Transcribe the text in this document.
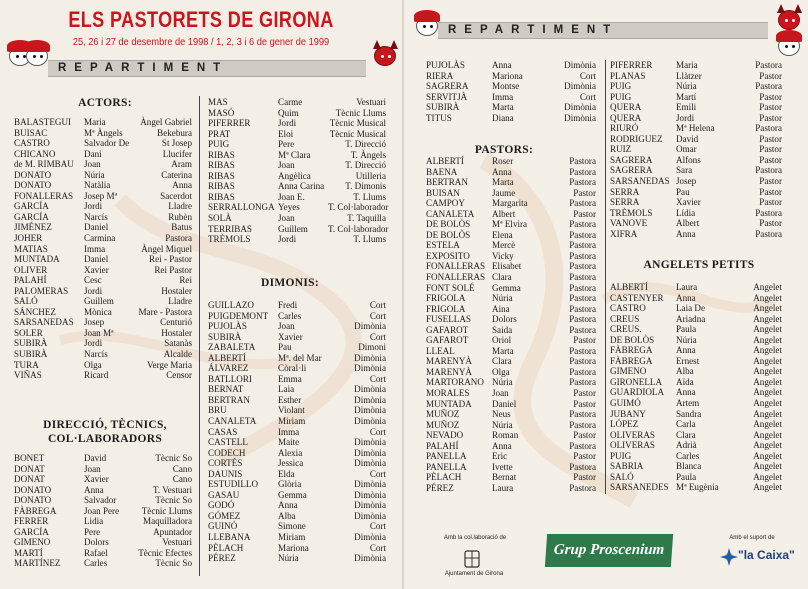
ELS PASTORETS DE GIRONA
25, 26 i 27 de desembre de 1998 / 1, 2, 3 i 6 de gener de 1999
REPARTIMENT
ACTORS:
BALASTEGUI	Maria	Àngel Gabriel
BUISAC	Mª Àngels	Bekebura
CASTRO	Salvador De	St Josep
CHICANO	Dani	Llucifer
de M. RIMBAU	Joan	Aram
DONATO	Núria	Caterina
DONATO	Natàlia	Anna
FONALLERAS	Josep Mª	Sacerdot
GARCÍA	Jordi	Lladre
GARCÍA	Narcís	Rubèn
JIMÉNEZ	Daniel	Batus
JOHER	Carmina	Pastora
MATIAS	Imma	Àngel Miquel
MUNTADA	Daniel	Rei - Pastor
OLIVER	Xavier	Rei Pastor
PALAHÍ	Cesc	Rei
PALOMERAS	Jordi	Hostaler
SALÓ	Guillem	Lladre
SÁNCHEZ	Mònica	Mare - Pastora
SARSANEDAS	Josep	Centurió
SOLER	Joan Mª	Hostaler
SUBIRÀ	Jordi	Satanàs
SUBIRÀ	Narcís	Alcalde
TURA	Olga	Verge Maria
VIÑAS	Ricard	Censor
DIRECCIÓ, TÈCNICS,
COL·LABORADORS
BONET	David	Tècnic So
DONAT	Joan	Cano
DONAT	Xavier	Cano
DONATO	Anna	T. Vestuari
DONATO	Salvador	Tècnic So
FÀBREGA	Joan Pere	Tècnic Llums
FERRER	Lidia	Maquilladora
GARCÍA	Pere	Apuntador
GIMENO	Dolors	Vestuari
MARTÍ	Rafael	Tècnic Efectes
MARTÍNEZ	Carles	Tècnic So
MAS	Carme	Vestuari
MASÓ	Quim	Tècnic Llums
PIFERRER	Jordi	Tècnic Musical
PRAT	Eloi	Tècnic Musical
PUIG	Pere	T. Direcció
RIBAS	Mª Clara	T. Àngels
RIBAS	Joan	T. Direcció
RIBAS	Angèlica	Utilleria
RIBAS	Anna Carina	T. Dimonis
RIBAS	Joan E.	T. Llums
SERRALLONGA Yeyes	T. Col·laborador
SOLÀ	Joan	T. Taquilla
TERRIBAS	Guillem	T. Col·laborador
TRÈMOLS	Jordi	T. Llums
DIMONIS:
GUILLAZO	Fredi	Cort
PUIGDEMONT	Carles	Cort
PUJOLÀS	Joan	Dimònia
SUBIRÀ	Xavier	Cort
ZABALETA	Pau	Dimoni
ALBERTÍ	Mª. del Mar	Dimònia
ÁLVAREZ	Còral·li	Dimònia
BATLLORI	Emma	Cort
BERNAT	Laia	Dimònia
BERTRAN	Esther	Dimònia
BRU	Violant	Dimònia
CANALETA	Miriam	Dimònia
CASAS	Imma	Cort
CASTELL	Maite	Dimònia
CODECH	Alexia	Dimònia
CORTÉS	Jessica	Dimònia
DAUNIS	Elda	Cort
ESTUDILLO	Glòria	Dimònia
GASAU	Gemma	Dimònia
GODÓ	Anna	Dimònia
GÓMEZ	Alba	Dimònia
GUINÓ	Simone	Cort
LLEBANA	Miriam	Dimònia
PÈLACH	Mariona	Cort
PÉREZ	Núria	Dimònia
REPARTIMENT
PUJOLÀS	Anna	Dimònia
RIERA	Mariona	Cort
SAGRERA	Montse	Dimònia
SERVITJÀ	Imma	Cort
SUBIRÀ	Marta	Dimònia
TITUS	Diana	Dimònia
PASTORS:
ALBERTÍ	Roser	Pastora
BAENA	Anna	Pastora
BERTRAN	Marta	Pastora
BUISAN	Jaume	Pastor
CAMPOY	Margarita	Pastora
CANALETA	Albert	Pastor
DE BOLÒS	Mª Elvira	Pastora
DE BOLÒS	Elena	Pastora
ESTELA	Mercè	Pastora
EXPOSITO	Vicky	Pastora
FONALLERAS Elisabet	Pastora
FONALLERAS Clara	Pastora
FONT SOLÉ	Gemma	Pastora
FRIGOLA	Núria	Pastora
FRIGOLA	Aina	Pastora
FUSELLAS	Dolors	Pastora
GAFAROT	Saida	Pastora
GAFAROT	Oriol	Pastor
LLEAL	Marta	Pastora
MARENYÀ	Clara	Pastora
MARENYÀ	Olga	Pastora
MARTORANO Núria	Pastora
MORALES	Joan	Pastor
MUNTADA	Daniel	Pastor
MUÑOZ	Neus	Pastora
MUÑOZ	Núria	Pastora
NEVADO	Roman	Pastor
PALAHÍ	Anna	Pastora
PANELLA	Eric	Pastor
PANELLA	Ivette	Pastora
PÈLACH	Bernat	Pastor
PÉREZ	Laura	Pastora
PIFERRER	Maria	Pastora
PLANAS	Llàtzer	Pastor
PUIG	Núria	Pastora
PUIG	Martí	Pastor
QUERA	Emili	Pastor
QUERA	Jordi	Pastor
RIURÓ	Mª Helena	Pastora
RODRIGUEZ	David	Pastor
RUIZ	Omar	Pastor
SAGRERA	Alfons	Pastor
SAGRERA	Sara	Pastora
SARSANEDAS Josep	Pastor
SERRA	Pau	Pastor
SERRA	Xavier	Pastor
TRÈMOLS	Lídia	Pastora
VANOVE	Albert	Pastor
XIFRA	Anna	Pastora
ANGELETS PETITS
ALBERTÍ	Laura	Angelet
CASTENYER	Anna	Angelet
CASTRO	Laia De	Angelet
CREUS	Ariadna	Angelet
CREUS.	Paula	Angelet
DE BOLÒS	Núria	Angelet
FÀBREGA	Anna	Angelet
FÀBREGA	Ernest	Angelet
GIMENO	Alba	Angelet
GIRONELLA	Aïda	Angelet
GUARDIOLA	Anna	Angelet
GUIMÓ	Artem	Angelet
JUBANY	Sandra	Angelet
LÓPEZ	Carla	Angelet
OLIVERAS	Clara	Angelet
OLIVERAS	Adrià	Angelet
PUIG	Carles	Angelet
SABRIA	Blanca	Angelet
SALÓ	Paula	Angelet
SARSANEDES Mª Eugènia	Angelet
Amb la col.laboració de
Ajuntament de Girona
Grup Proscenium
Amb el suport de
"la Caixa"
